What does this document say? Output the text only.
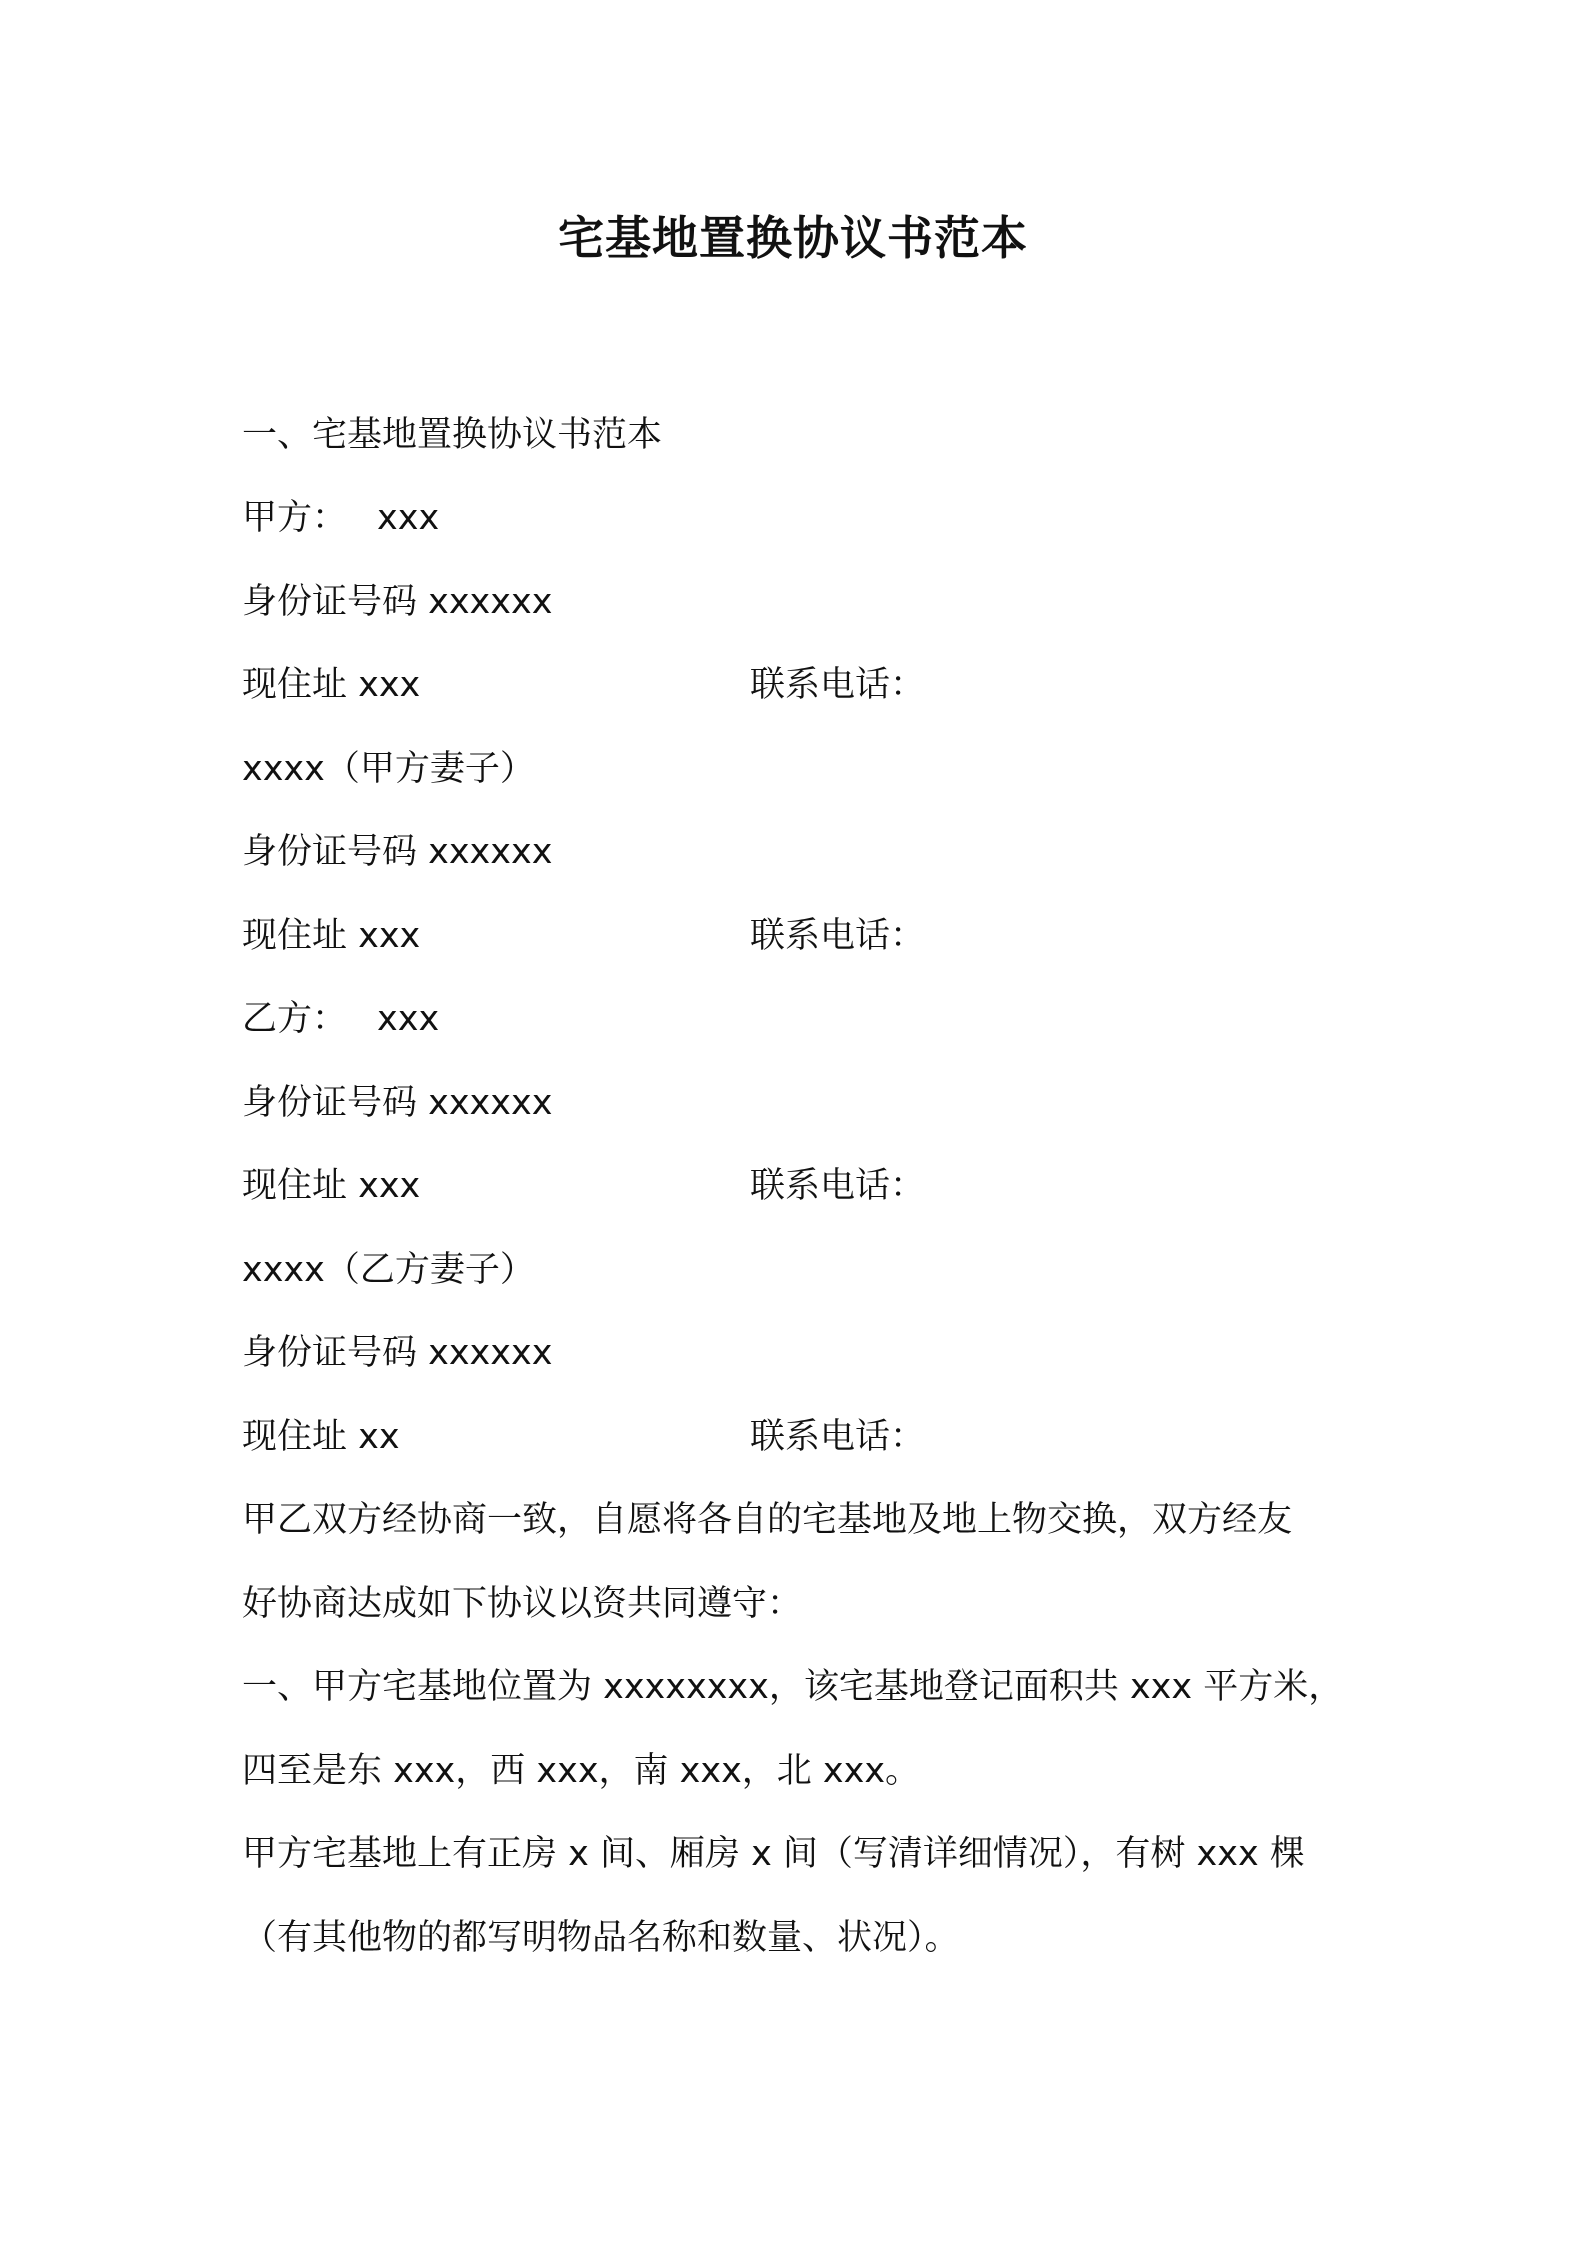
宅基地置换协议书范本
一、宅基地置换协议书范本
甲方： xxx
身份证号码 xxxxxx
现住址 xxx	联系电话：
xxxx（甲方妻子）
身份证号码 xxxxxx
现住址 xxx	联系电话：
乙方： xxx
身份证号码 xxxxxx
现住址 xxx	联系电话：
xxxx（乙方妻子）
身份证号码 xxxxxx
现住址 xx	联系电话：
甲乙双方经协商一致，自愿将各自的宅基地及地上物交换，双方经友
好协商达成如下协议以资共同遵守：
一、甲方宅基地位置为 xxxxxxxx，该宅基地登记面积共 xxx 平方米，
四至是东 xxx，西 xxx，南 xxx，北 xxx。
甲方宅基地上有正房 x 间、厢房 x 间（写清详细情况），有树 xxx 棵
（有其他物的都写明物品名称和数量、状况）。
